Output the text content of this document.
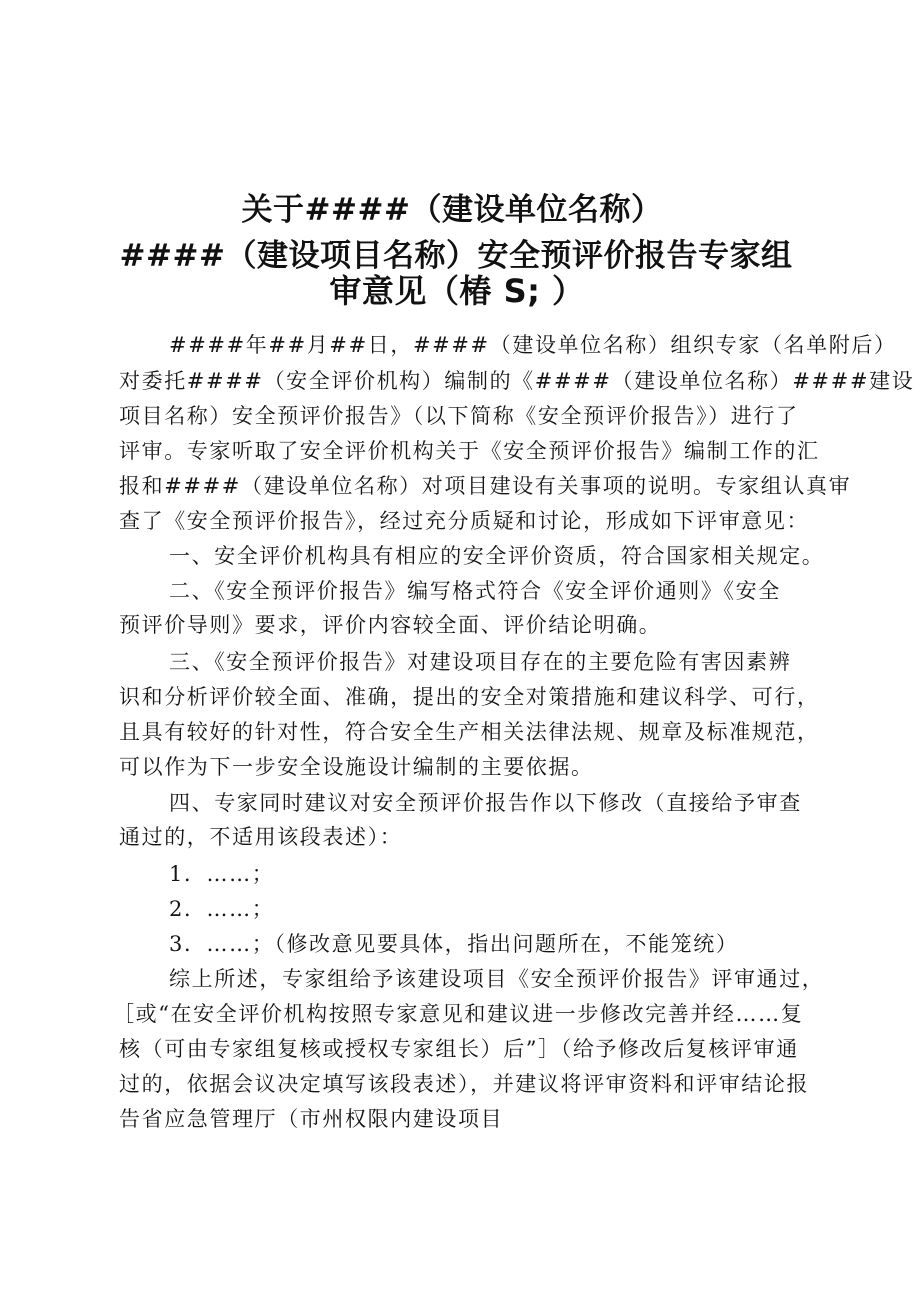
关于####（建设单位名称）
####（建设项目名称）安全预评价报告专家组
审意见（椿 S; ）
####年##月##日，####（建设单位名称）组织专家（名单附后）
对委托####（安全评价机构）编制的《####（建设单位名称）####建设
项目名称）安全预评价报告》（以下简称《安全预评价报告》）进行了
评审。专家听取了安全评价机构关于《安全预评价报告》编制工作的汇
报和####（建设单位名称）对项目建设有关事项的说明。专家组认真审
查了《安全预评价报告》，经过充分质疑和讨论，形成如下评审意见：
一、安全评价机构具有相应的安全评价资质，符合国家相关规定。
二、《安全预评价报告》编写格式符合《安全评价通则》《安全
预评价导则》要求，评价内容较全面、评价结论明确。
三、《安全预评价报告》对建设项目存在的主要危险有害因素辨
识和分析评价较全面、准确，提出的安全对策措施和建议科学、可行，
且具有较好的针对性，符合安全生产相关法律法规、规章及标准规范，
可以作为下一步安全设施设计编制的主要依据。
四、专家同时建议对安全预评价报告作以下修改（直接给予审查
通过的，不适用该段表述）：
1．……；
2．……；
3．……；（修改意见要具体，指出问题所在，不能笼统）
综上所述，专家组给予该建设项目《安全预评价报告》评审通过，
［或“在安全评价机构按照专家意见和建议进一步修改完善并经……复
核（可由专家组复核或授权专家组长）后”］（给予修改后复核评审通
过的，依据会议决定填写该段表述），并建议将评审资料和评审结论报
告省应急管理厅（市州权限内建设项目
